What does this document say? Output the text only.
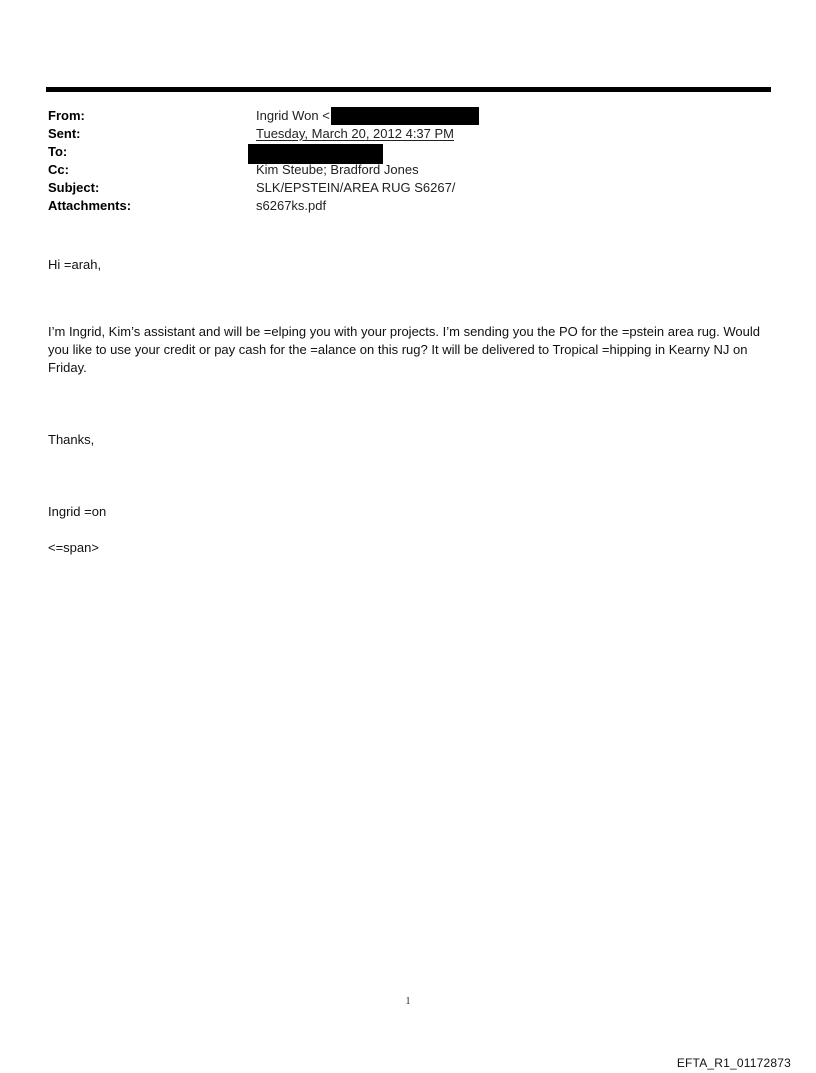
From:	Ingrid Won <
Sent:	Tuesday, March 20, 2012 4:37 PM
To:
Cc:	Kim Steube; Bradford Jones
Subject:	SLK/EPSTEIN/AREA RUG S6267/
Attachments:	s6267ks.pdf
Hi =arah,
I’m Ingrid, Kim’s assistant and will be =elping you with your projects. I’m sending you the PO for the =pstein area rug. Would you like to use your credit or pay cash for the =alance on this rug? It will be delivered to Tropical =hipping in Kearny NJ on Friday.
Thanks,
Ingrid =on
<=span>
1
EFTA_R1_01172873
